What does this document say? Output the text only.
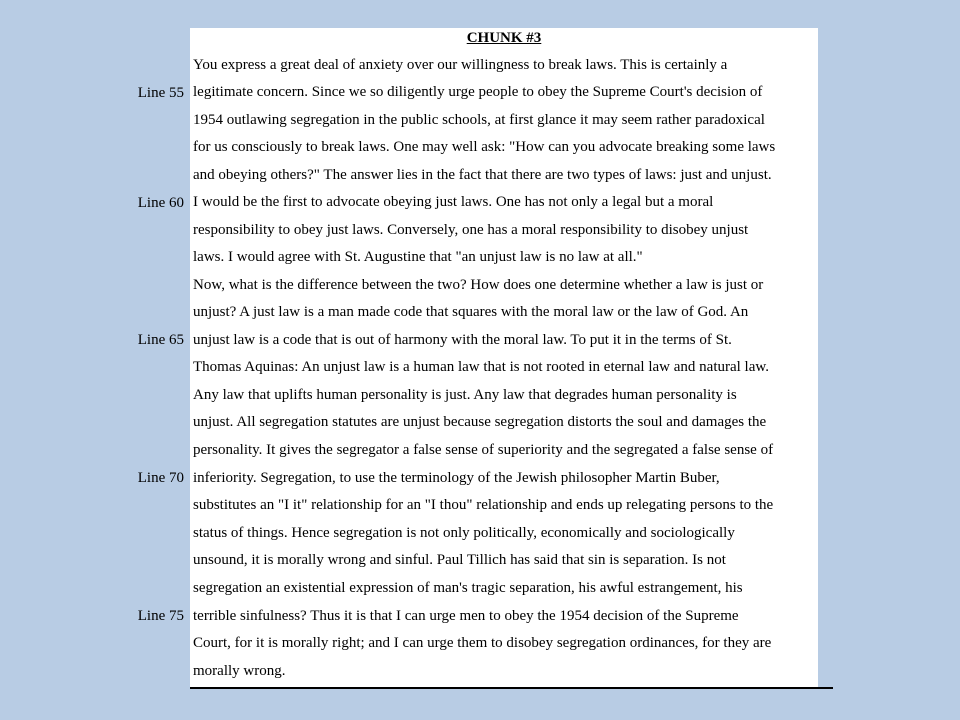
Line 55
Line 60
Line 65
Line 70
Line 75
CHUNK #3
You express a great deal of anxiety over our willingness to break laws. This is certainly a
legitimate concern. Since we so diligently urge people to obey the Supreme Court's decision of
1954 outlawing segregation in the public schools, at first glance it may seem rather paradoxical
for us consciously to break laws. One may well ask: "How can you advocate breaking some laws
and obeying others?" The answer lies in the fact that there are two types of laws: just and unjust.
I would be the first to advocate obeying just laws. One has not only a legal but a moral
responsibility to obey just laws. Conversely, one has a moral responsibility to disobey unjust
laws. I would agree with St. Augustine that "an unjust law is no law at all."
Now, what is the difference between the two? How does one determine whether a law is just or
unjust? A just law is a man made code that squares with the moral law or the law of God. An
unjust law is a code that is out of harmony with the moral law. To put it in the terms of St.
Thomas Aquinas: An unjust law is a human law that is not rooted in eternal law and natural law.
Any law that uplifts human personality is just. Any law that degrades human personality is
unjust. All segregation statutes are unjust because segregation distorts the soul and damages the
personality. It gives the segregator a false sense of superiority and the segregated a false sense of
inferiority. Segregation, to use the terminology of the Jewish philosopher Martin Buber,
substitutes an "I it" relationship for an "I thou" relationship and ends up relegating persons to the
status of things. Hence segregation is not only politically, economically and sociologically
unsound, it is morally wrong and sinful. Paul Tillich has said that sin is separation. Is not
segregation an existential expression of man's tragic separation, his awful estrangement, his
terrible sinfulness? Thus it is that I can urge men to obey the 1954 decision of the Supreme
Court, for it is morally right; and I can urge them to disobey segregation ordinances, for they are
morally wrong.
